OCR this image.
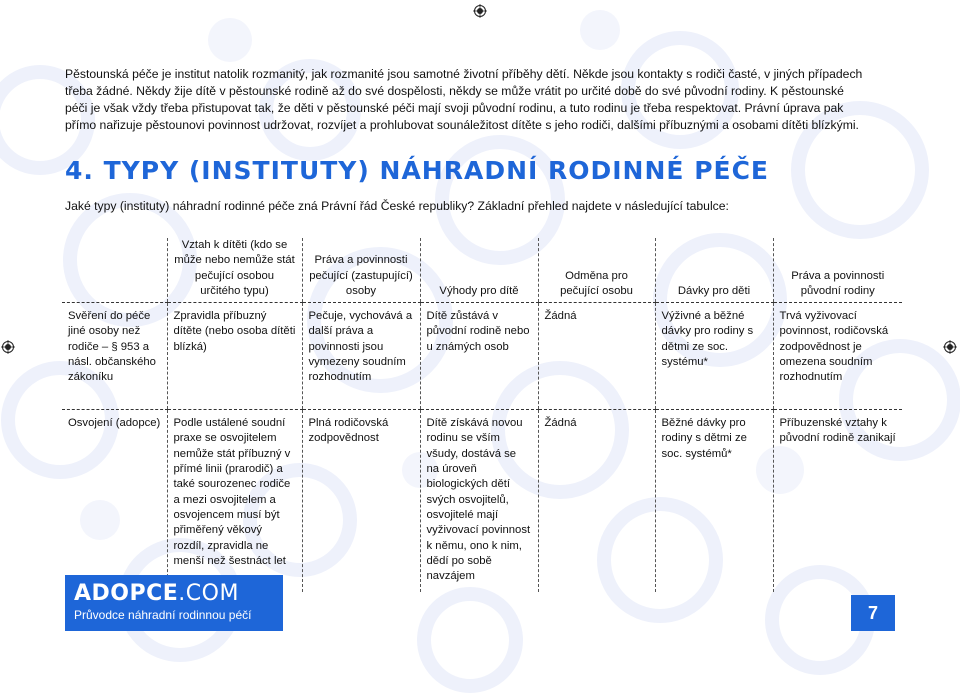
Pěstounská péče je institut natolik rozmanitý, jak rozmanité jsou samotné životní příběhy dětí. Někde jsou kontakty s rodiči časté, v jiných případech

třeba žádné. Někdy žije dítě v pěstounské rodině až do své dospělosti, někdy se může vrátit po určité době do své původní rodiny. K pěstounské

péči je však vždy třeba přistupovat tak, že děti v pěstounské péči mají svoji původní rodinu, a tuto rodinu je třeba respektovat. Právní úprava pak

přímo nařizuje pěstounovi povinnost udržovat, rozvíjet a prohlubovat sounáležitost dítěte s jeho rodiči, dalšími příbuznými a osobami dítěti blízkými.

4. TYPY (INSTITUTY) NÁHRADNÍ RODINNÉ PÉČE
Jaké typy (instituty) náhradní rodinné péče zná Právní řád České republiky? Základní přehled najdete v následující tabulce:
	Vztah k dítěti (kdo se může nebo nemůže stát pečující osobou určitého typu)	Práva a povinnosti pečující (zastupující) osoby	Výhody pro dítě	Odměna pro pečující osobu	Dávky pro děti	Práva a povinnosti původní rodiny
Svěření do péče jiné osoby než rodiče – § 953 a násl. občanského zákoníku	Zpravidla příbuzný dítěte (nebo osoba dítěti blízká)	Pečuje, vychovává a další práva a povinnosti jsou vymezeny soudním rozhodnutím	Dítě zůstává v původní rodině nebo u známých osob	Žádná	Výživné a běžné dávky pro rodiny s dětmi ze soc. systému*	Trvá vyživovací povinnost, rodičovská zodpovědnost je omezena soudním rozhodnutím
Osvojení (adopce)	Podle ustálené soudní praxe se osvojitelem nemůže stát příbuzný v přímé linii (prarodič) a také sourozenec rodiče a mezi osvojitelem a osvojencem musí být přiměřený věkový rozdíl, zpravidla ne menší než šestnáct let	Plná rodičovská zodpovědnost	Dítě získává novou rodinu se vším všudy, dostává se na úroveň biologických dětí svých osvojitelů, osvojitelé mají vyživovací povinnost k němu, ono k nim, dědí po sobě navzájem	Žádná	Běžné dávky pro rodiny s dětmi ze soc. systémů*	Příbuzenské vztahy k původní rodině zanikají
ADOPCE.COM
Průvodce náhradní rodinnou péčí	7
